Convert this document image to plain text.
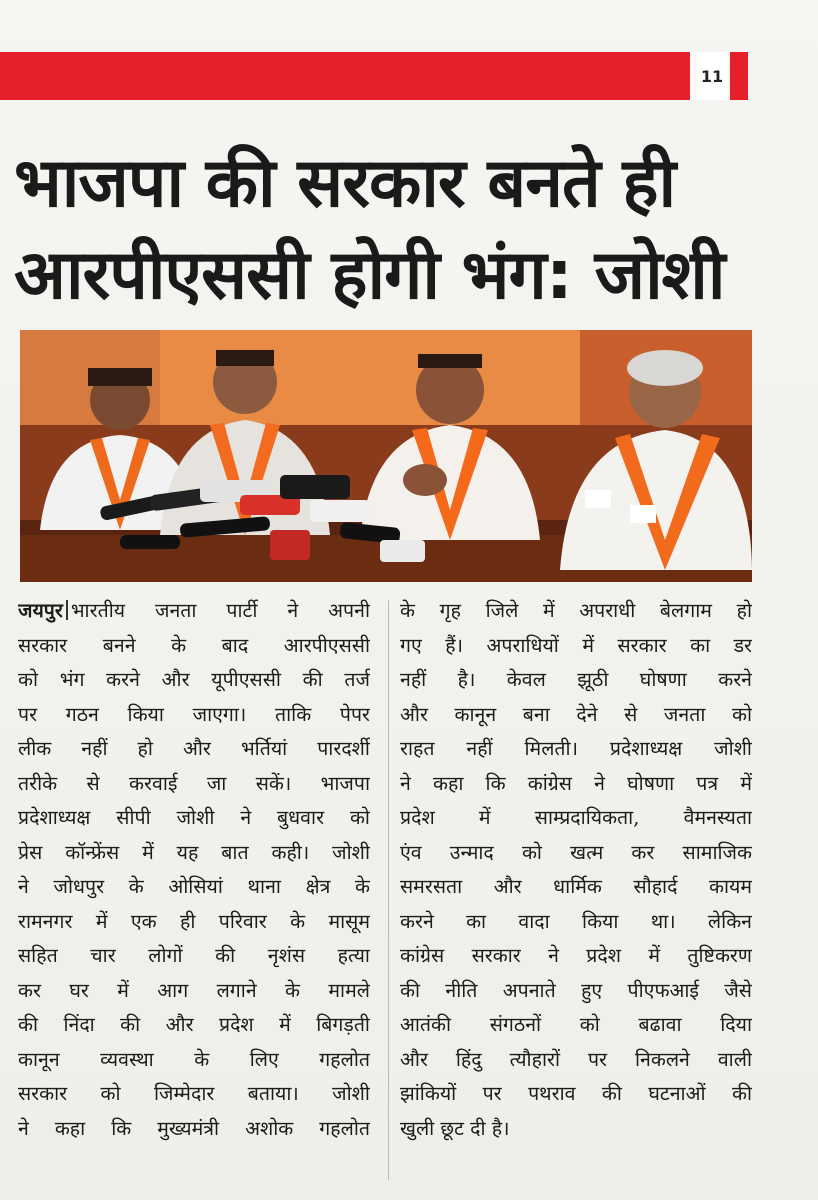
11
भाजपा की सरकार बनते ही
आरपीएससी होगी भंग: जोशी
जयपुर भारतीय जनता पार्टी ने अपनी
सरकार बनने के बाद आरपीएससी
को भंग करने और यूपीएससी की तर्ज
पर गठन किया जाएगा। ताकि पेपर
लीक नहीं हो और भर्तियां पारदर्शी
तरीके से करवाई जा सकें। भाजपा
प्रदेशाध्यक्ष सीपी जोशी ने बुधवार को
प्रेस कॉन्फ्रेंस में यह बात कही। जोशी
ने जोधपुर के ओसियां थाना क्षेत्र के
रामनगर में एक ही परिवार के मासूम
सहित चार लोगों की नृशंस हत्या
कर घर में आग लगाने के मामले
की निंदा की और प्रदेश में बिगड़ती
कानून व्यवस्था के लिए गहलोत
सरकार को जिम्मेदार बताया। जोशी
ने कहा कि मुख्यमंत्री अशोक गहलोत
के गृह जिले में अपराधी बेलगाम हो
गए हैं। अपराधियों में सरकार का डर
नहीं है। केवल झूठी घोषणा करने
और कानून बना देने से जनता को
राहत नहीं मिलती। प्रदेशाध्यक्ष जोशी
ने कहा कि कांग्रेस ने घोषणा पत्र में
प्रदेश में साम्प्रदायिकता, वैमनस्यता
एंव उन्माद को खत्म कर सामाजिक
समरसता और धार्मिक सौहार्द कायम
करने का वादा किया था। लेकिन
कांग्रेस सरकार ने प्रदेश में तुष्टिकरण
की नीति अपनाते हुए पीएफआई जैसे
आतंकी संगठनों को बढावा दिया
और हिंदु त्यौहारों पर निकलने वाली
झांकियों पर पथराव की घटनाओं की
खुली छूट दी है।
